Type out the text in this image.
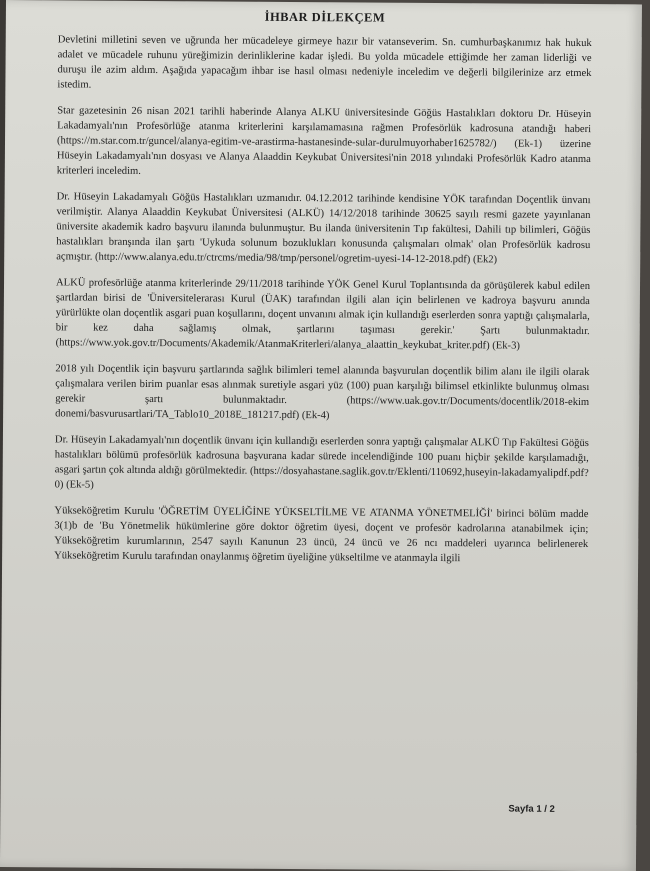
İHBAR DİLEKÇEM

Devletini milletini seven ve uğrunda her mücadeleye girmeye hazır bir vatanseverim. Sn. cumhurbaşkanımız hak hukuk adalet ve mücadele ruhunu yüreğimizin derinliklerine kadar işledi. Bu yolda mücadele ettiğimde her zaman liderliği ve duruşu ile azim aldım. Aşağıda yapacağım ihbar ise hasıl olması nedeniyle inceledim ve değerli bilgilerinize arz etmek istedim.

Star gazetesinin 26 nisan 2021 tarihli haberinde Alanya ALKU üniversitesinde Göğüs Hastalıkları doktoru Dr. Hüseyin Lakadamyalı'nın Profesörlüğe atanma kriterlerini karşılamamasına rağmen Profesörlük kadrosuna atandığı haberi (https://m.star.com.tr/guncel/alanya-egitim-ve-arastirma-hastanesinde-sular-durulmuyorhaber1625782/) (Ek-1) üzerine Hüseyin Lakadamyalı'nın dosyası ve Alanya Alaaddin Keykubat Üniversitesi'nin 2018 yılındaki Profesörlük Kadro atanma kriterleri inceledim.

Dr. Hüseyin Lakadamyalı Göğüs Hastalıkları uzmanıdır. 04.12.2012 tarihinde kendisine YÖK tarafından Doçentlik ünvanı verilmiştir. Alanya Alaaddin Keykubat Üniversitesi (ALKÜ) 14/12/2018 tarihinde 30625 sayılı resmi gazete yayınlanan üniversite akademik kadro başvuru ilanında bulunmuştur. Bu ilanda üniversitenin Tıp fakültesi, Dahili tıp bilimleri, Göğüs hastalıkları branşında ilan şartı 'Uykuda solunum bozuklukları konusunda çalışmaları olmak' olan Profesörlük kadrosu açmıştır. (http://www.alanya.edu.tr/ctrcms/media/98/tmp/personel/ogretim-uyesi-14-12-2018.pdf) (Ek2)

ALKÜ profesörlüğe atanma kriterlerinde 29/11/2018 tarihinde YÖK Genel Kurul Toplantısında da görüşülerek kabul edilen şartlardan birisi de 'Üniversitelerarası Kurul (ÜAK) tarafından ilgili alan için belirlenen ve kadroya başvuru anında yürürlükte olan doçentlik asgari puan koşullarını, doçent unvanını almak için kullandığı eserlerden sonra yaptığı çalışmalarla, bir kez daha sağlamış olmak, şartlarını taşıması gerekir.' Şartı bulunmaktadır. (https://www.yok.gov.tr/Documents/Akademik/AtanmaKriterleri/alanya_alaattin_keykubat_kriter.pdf) (Ek-3)

2018 yılı Doçentlik için başvuru şartlarında sağlık bilimleri temel alanında başvurulan doçentlik bilim alanı ile ilgili olarak çalışmalara verilen birim puanlar esas alınmak suretiyle asgari yüz (100) puan karşılığı bilimsel etkinlikte bulunmuş olması gerekir şartı bulunmaktadır. (https://www.uak.gov.tr/Documents/docentlik/2018-ekim donemi/basvurusartlari/TA_Tablo10_2018E_181217.pdf) (Ek-4)

Dr. Hüseyin Lakadamyalı'nın doçentlik ünvanı için kullandığı eserlerden sonra yaptığı çalışmalar ALKÜ Tıp Fakültesi Göğüs hastalıkları bölümü profesörlük kadrosuna başvurana kadar sürede incelendiğinde 100 puanı hiçbir şekilde karşılamadığı, asgari şartın çok altında aldığı görülmektedir. (https://dosyahastane.saglik.gov.tr/Eklenti/110692,huseyin-lakadamyalipdf.pdf?0) (Ek-5)

Yükseköğretim Kurulu 'ÖĞRETİM ÜYELİĞİNE YÜKSELTİLME VE ATANMA YÖNETMELİĞİ' birinci bölüm madde 3(1)b de 'Bu Yönetmelik hükümlerine göre doktor öğretim üyesi, doçent ve profesör kadrolarına atanabilmek için; Yükseköğretim kurumlarının, 2547 sayılı Kanunun 23 üncü, 24 üncü ve 26 ncı maddeleri uyarınca belirlenerek Yükseköğretim Kurulu tarafından onaylanmış öğretim üyeliğine yükseltilme ve atanmayla ilgili

Sayfa 1 / 2
